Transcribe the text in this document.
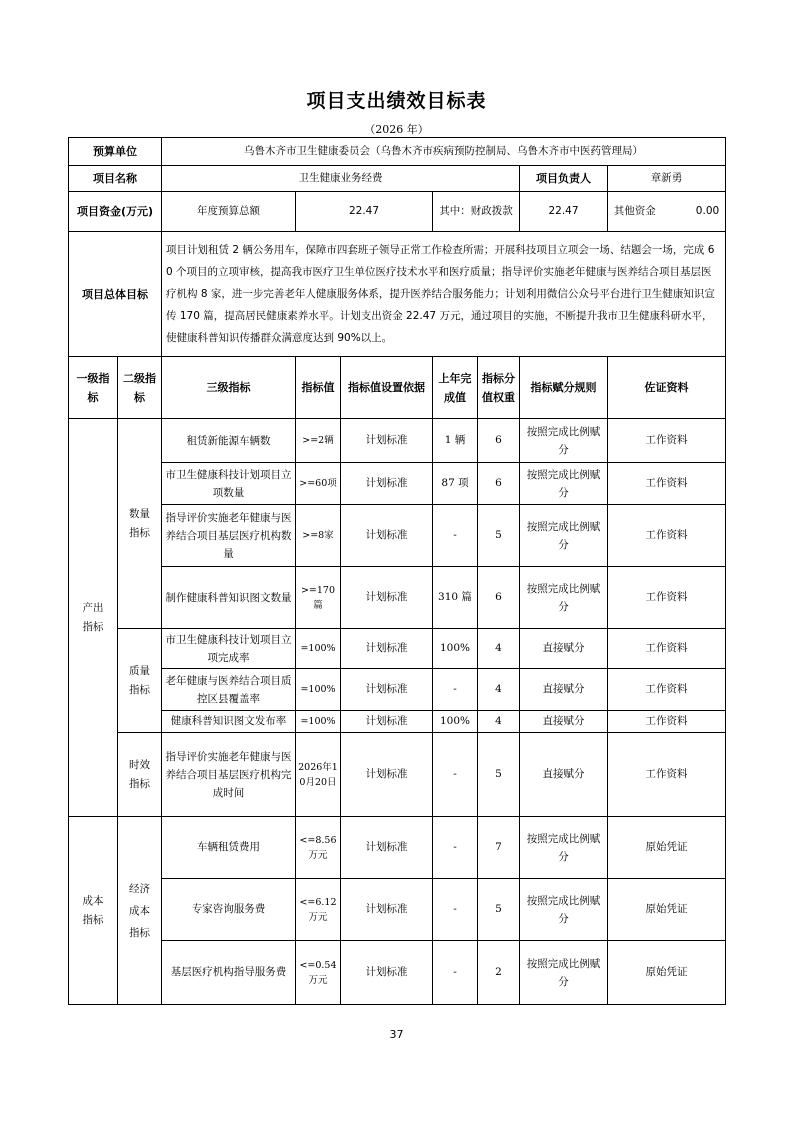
项目支出绩效目标表
（2026 年）
预算单位		乌鲁木齐市卫生健康委员会（乌鲁木齐市疾病预防控制局、乌鲁木齐市中医药管理局）						
项目名称		卫生健康业务经费					项目负责人	章新勇
项目资金(万元)		年度预算总额	22.47		其中：财政拨款		22.47	其他资金 0.00
项目总体目标		项目计划租赁 2 辆公务用车，保障市四套班子领导正常工作检查所需；开展科技项目立项会一场、结题会一场，完成 60 个项目的立项审核，提高我市医疗卫生单位医疗技术水平和医疗质量；指导评价实施老年健康与医养结合项目基层医疗机构 8 家，进一步完善老年人健康服务体系，提升医养结合服务能力；计划利用微信公众号平台进行卫生健康知识宣传 170 篇，提高居民健康素养水平。计划支出资金 22.47 万元，通过项目的实施，不断提升我市卫生健康科研水平，使健康科普知识传播群众满意度达到 90%以上。						
一级指标	二级指标	三级指标	指标值	指标值设置依据	上年完成值	指标分值权重	指标赋分规则	佐证资料
产出指标	数量指标	租赁新能源车辆数	>=2辆	计划标准	1 辆	6	按照完成比例赋分	工作资料
		市卫生健康科技计划项目立项数量	>=60项	计划标准	87 项	6	按照完成比例赋分	工作资料
		指导评价实施老年健康与医养结合项目基层医疗机构数量	>=8家	计划标准	-	5	按照完成比例赋分	工作资料
		制作健康科普知识图文数量	>=170篇	计划标准	310 篇	6	按照完成比例赋分	工作资料
	质量指标	市卫生健康科技计划项目立项完成率	=100%	计划标准	100%	4	直接赋分	工作资料
		老年健康与医养结合项目质控区县覆盖率	=100%	计划标准	-	4	直接赋分	工作资料
		健康科普知识图文发布率	=100%	计划标准	100%	4	直接赋分	工作资料
	时效指标	指导评价实施老年健康与医养结合项目基层医疗机构完成时间	2026年10月20日	计划标准	-	5	直接赋分	工作资料
成本指标	经济成本指标	车辆租赁费用	<=8.56万元	计划标准	-	7	按照完成比例赋分	原始凭证
		专家咨询服务费	<=6.12万元	计划标准	-	5	按照完成比例赋分	原始凭证
		基层医疗机构指导服务费	<=0.54万元	计划标准	-	2	按照完成比例赋分	原始凭证
37
